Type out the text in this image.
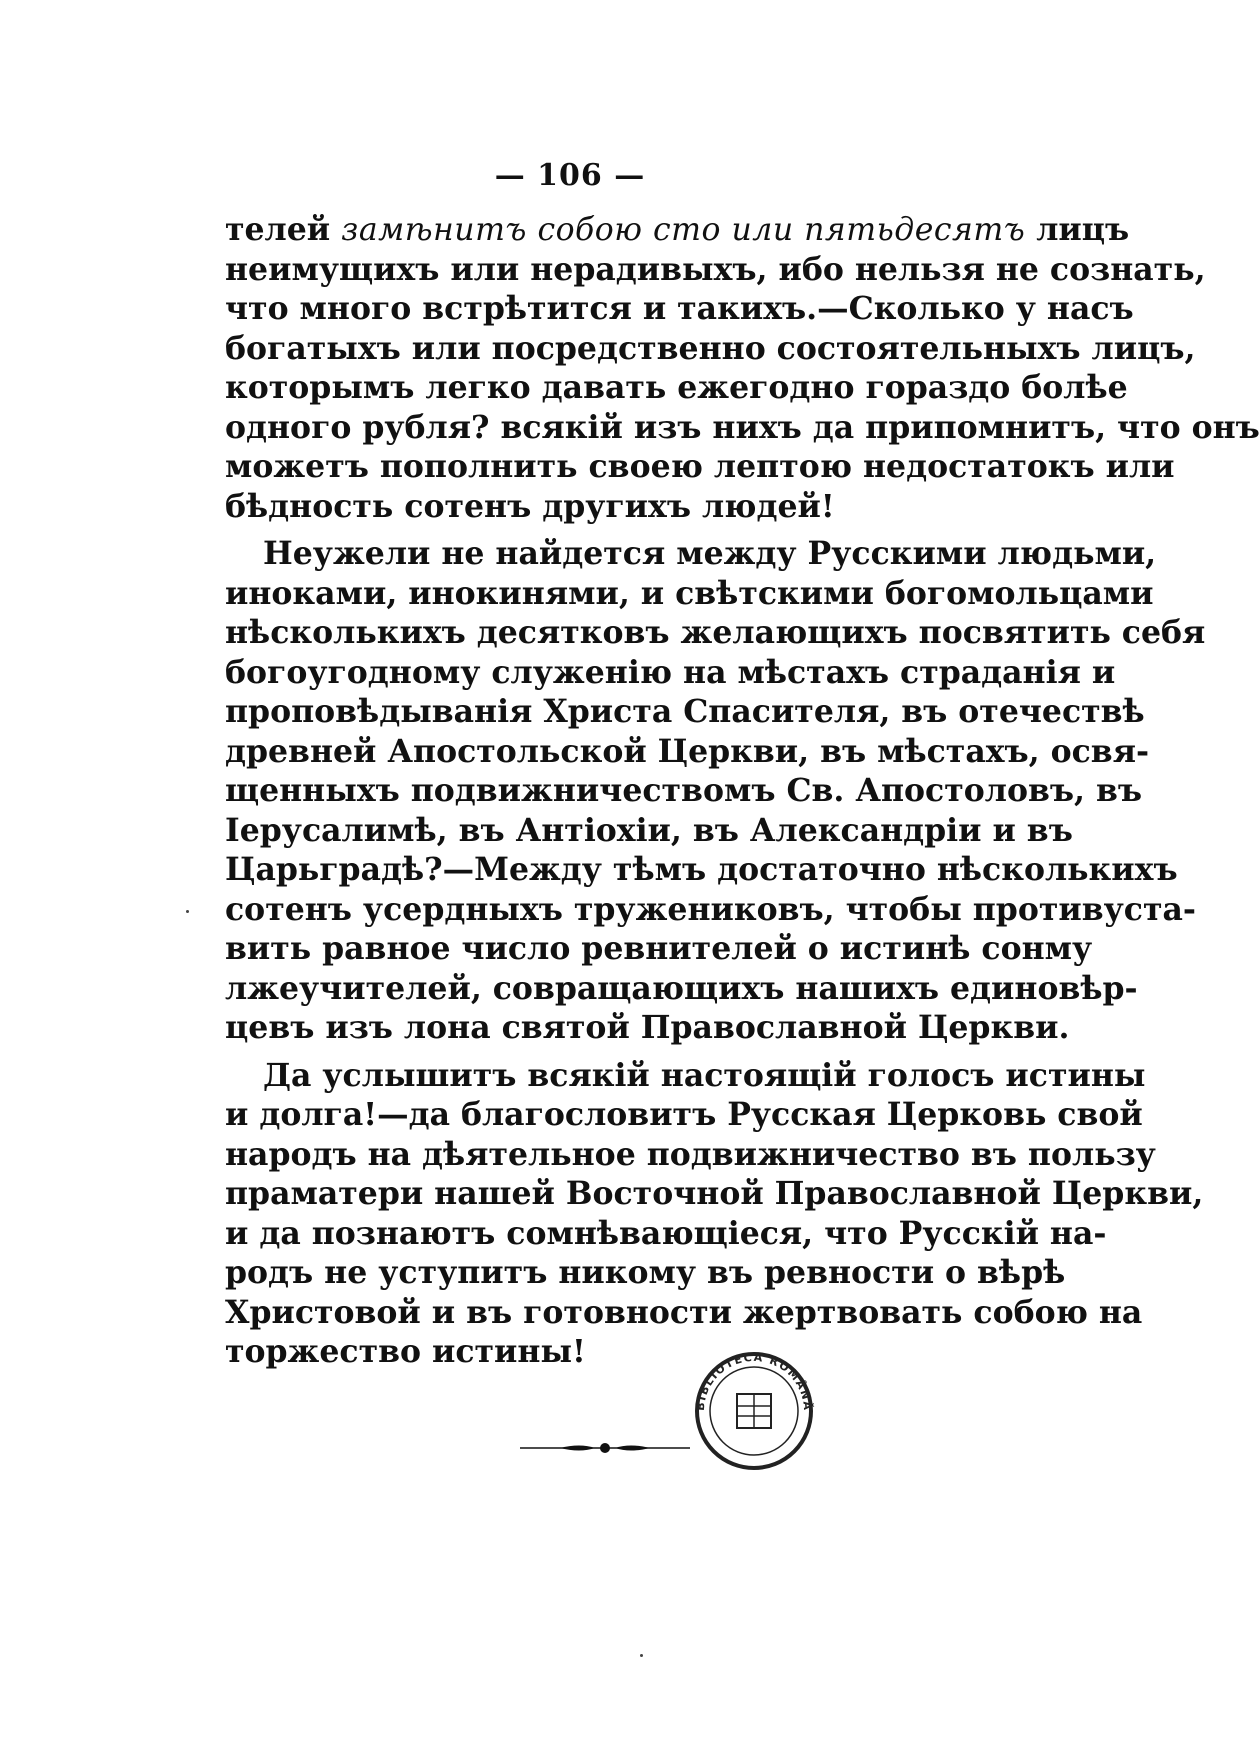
— 106 —
телей замѣнитъ собою сто или пятьдесятъ лицъ
неимущихъ или нерадивыхъ, ибо нельзя не сознать,
что много встрѣтится и такихъ.—Сколько у насъ
богатыхъ или посредственно состоятельныхъ лицъ,
которымъ легко давать ежегодно гораздо болѣе
одного рубля? всякій изъ нихъ да припомнитъ, что онъ
можетъ пополнить своею лептою недостатокъ или
бѣдность сотенъ другихъ людей!
Неужели не найдется между Русскими людьми,
иноками, инокинями, и свѣтскими богомольцами
нѣсколькихъ десятковъ желающихъ посвятить себя
богоугодному служенію на мѣстахъ страданія и
проповѣдыванія Христа Спасителя, въ отечествѣ
древней Апостольской Церкви, въ мѣстахъ, освя-
щенныхъ подвижничествомъ Св. Апостоловъ, въ
Іерусалимѣ, въ Антіохіи, въ Александріи и въ
Царьградѣ?—Между тѣмъ достаточно нѣсколькихъ
сотенъ усердныхъ тружениковъ, чтобы противуста-
вить равное число ревнителей о истинѣ сонму
лжеучителей, совращающихъ нашихъ единовѣр-
цевъ изъ лона святой Православной Церкви.
Да услышитъ всякій настоящій голосъ истины
и долга!—да благословитъ Русская Церковь свой
народъ на дѣятельное подвижничество въ пользу
праматери нашей Восточной Православной Церкви,
и да познаютъ сомнѣвающіеся, что Русскій на-
родъ не уступитъ никому въ ревности о вѣрѣ
Христовой и въ готовности жертвовать собою на
торжество истины!
BIBLIOTECA ROMÂNĂ
